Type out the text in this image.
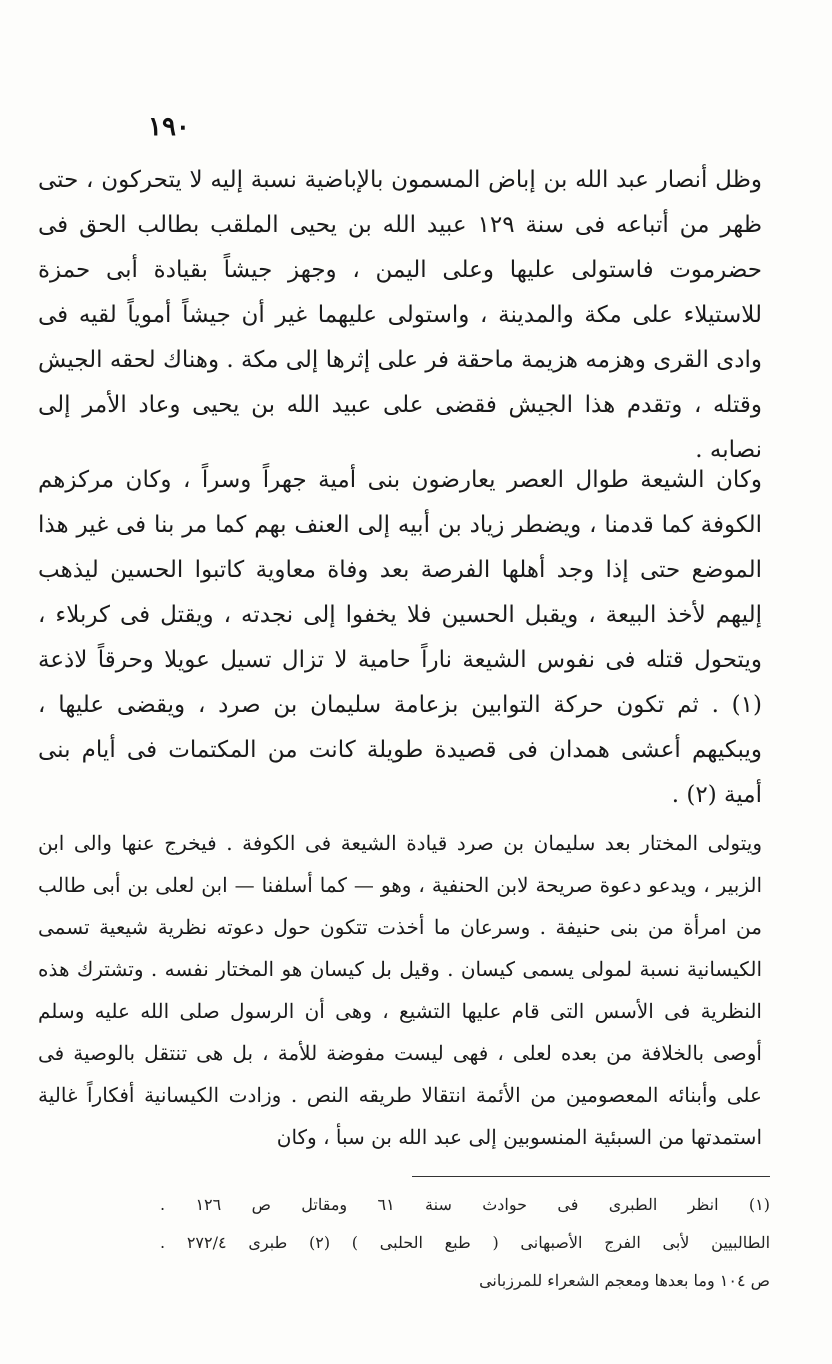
١٩٠

وظل أنصار عبد الله بن إباض المسمون بالإباضية نسبة إليه لا يتحركون ، حتى ظهر من أتباعه فى سنة ١٢٩ عبيد الله بن يحيى الملقب بطالب الحق فى حضرموت فاستولى عليها وعلى اليمن ، وجهز جيشاً بقيادة أبى حمزة للاستيلاء على مكة والمدينة ، واستولى عليهما غير أن جيشاً أموياً لقيه فى وادى القرى وهزمه هزيمة ماحقة فر على إثرها إلى مكة . وهناك لحقه الجيش وقتله ، وتقدم هذا الجيش فقضى على عبيد الله بن يحيى وعاد الأمر إلى نصابه .

وكان الشيعة طوال العصر يعارضون بنى أمية جهراً وسراً ، وكان مركزهم الكوفة كما قدمنا ، ويضطر زياد بن أبيه إلى العنف بهم كما مر بنا فى غير هذا الموضع حتى إذا وجد أهلها الفرصة بعد وفاة معاوية كاتبوا الحسين ليذهب إليهم لأخذ البيعة ، ويقبل الحسين فلا يخفوا إلى نجدته ، ويقتل فى كربلاء ، ويتحول قتله فى نفوس الشيعة ناراً حامية لا تزال تسيل عويلا وحرقاً لاذعة (١) . ثم تكون حركة التوابين بزعامة سليمان بن صرد ، ويقضى عليها ، ويبكيهم أعشى همدان فى قصيدة طويلة كانت من المكتمات فى أيام بنى أمية (٢) .

ويتولى المختار بعد سليمان بن صرد قيادة الشيعة فى الكوفة . فيخرج عنها والى ابن الزبير ، ويدعو دعوة صريحة لابن الحنفية ، وهو — كما أسلفنا — ابن لعلى بن أبى طالب من امرأة من بنى حنيفة . وسرعان ما أخذت تتكون حول دعوته نظرية شيعية تسمى الكيسانية نسبة لمولى يسمى كيسان . وقيل بل كيسان هو المختار نفسه . وتشترك هذه النظرية فى الأسس التى قام عليها التشيع ، وهى أن الرسول صلى الله عليه وسلم أوصى بالخلافة من بعده لعلى ، فهى ليست مفوضة للأمة ، بل هى تنتقل بالوصية فى على وأبنائه المعصومين من الأئمة انتقالا طريقه النص . وزادت الكيسانية أفكاراً غالية استمدتها من السبئية المنسوبين إلى عبد الله بن سبأ ، وكان

(١) انظر الطبرى فى حوادث سنة ٦١ ومقاتل ص ١٢٦ .

الطالبيين لأبى الفرج الأصبهانى ( طبع الحلبى ) (٢) طبرى ٢٧٢/٤ .

ص ١٠٤ وما بعدها ومعجم الشعراء للمرزبانى
